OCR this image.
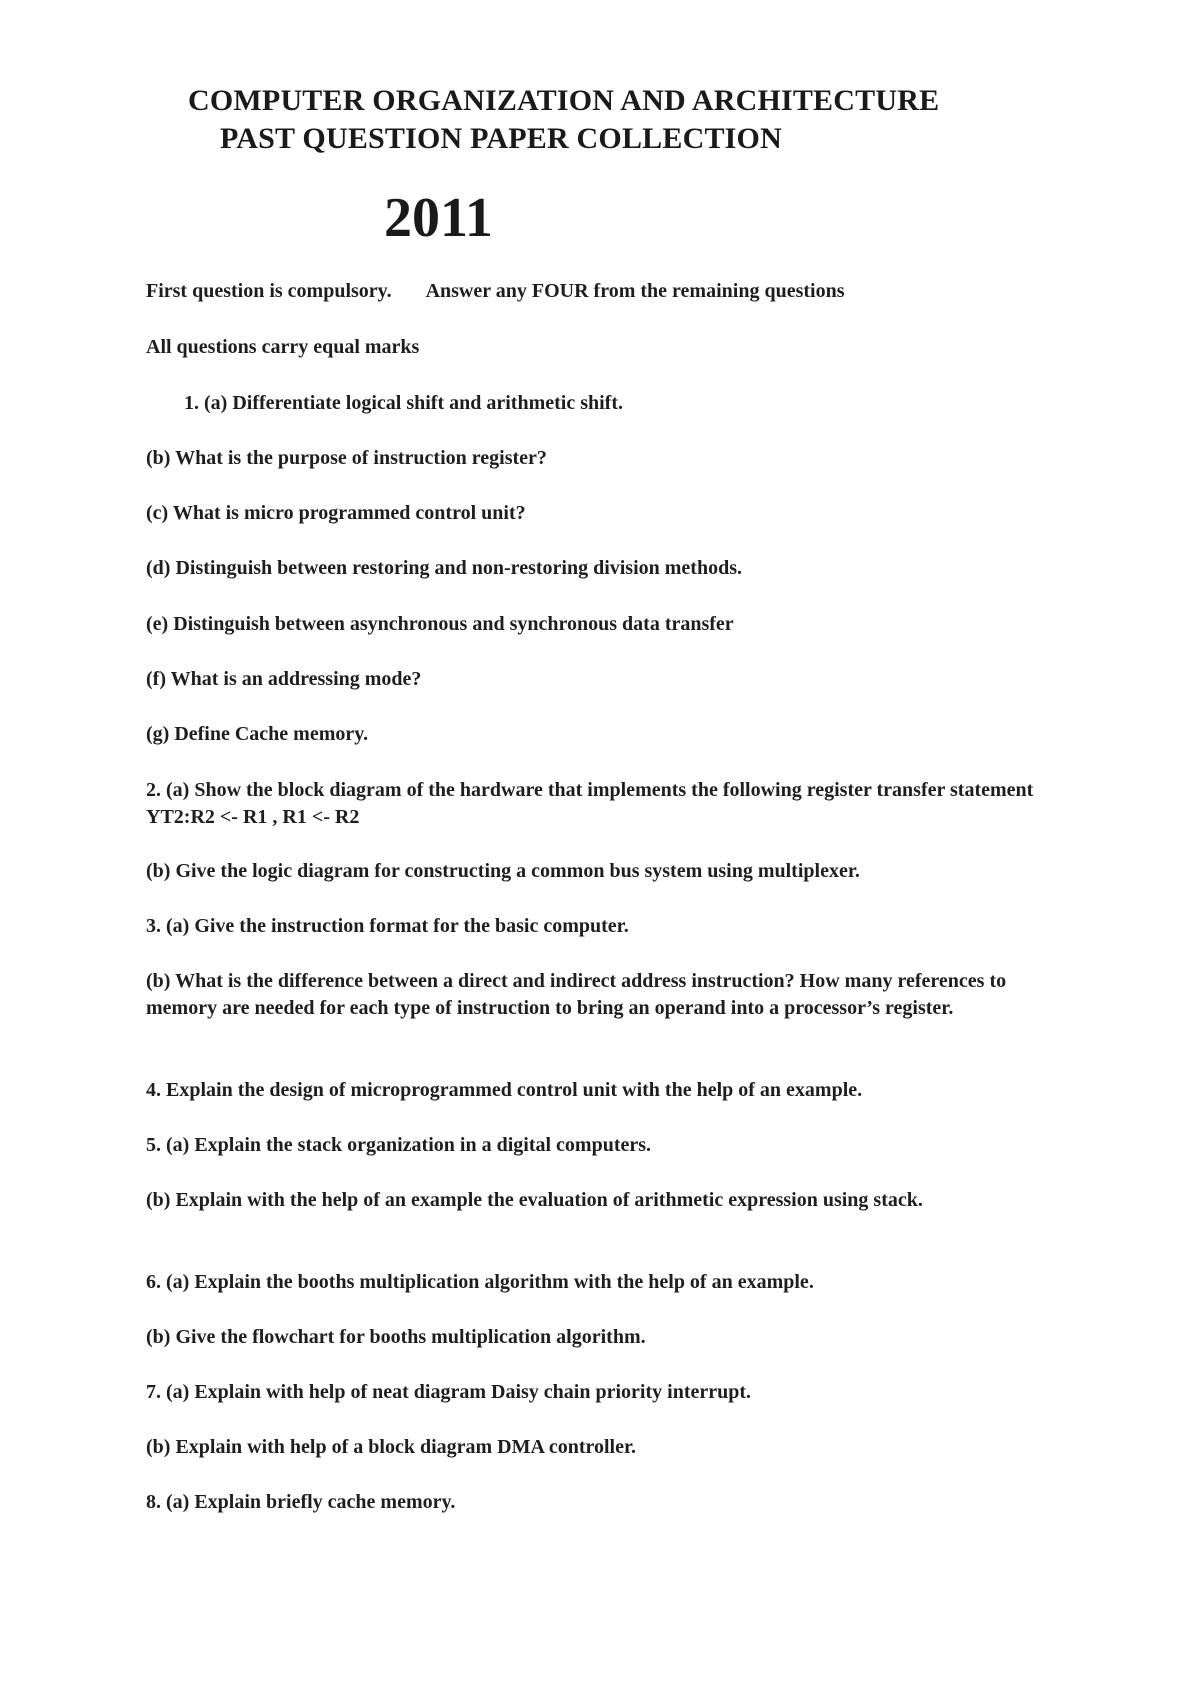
COMPUTER ORGANIZATION AND ARCHITECTURE
PAST QUESTION PAPER COLLECTION
2011
First question is compulsory. Answer any FOUR from the remaining questions
All questions carry equal marks
1. (a) Differentiate logical shift and arithmetic shift.
(b) What is the purpose of instruction register?
(c) What is micro programmed control unit?
(d) Distinguish between restoring and non-restoring division methods.
(e) Distinguish between asynchronous and synchronous data transfer
(f) What is an addressing mode?
(g) Define Cache memory.
2. (a) Show the block diagram of the hardware that implements the following register transfer statement YT2:R2 <- R1 , R1 <- R2
(b) Give the logic diagram for constructing a common bus system using multiplexer.
3. (a) Give the instruction format for the basic computer.
(b) What is the difference between a direct and indirect address instruction? How many references to memory are needed for each type of instruction to bring an operand into a processor’s register.
4. Explain the design of microprogrammed control unit with the help of an example.
5. (a) Explain the stack organization in a digital computers.
(b) Explain with the help of an example the evaluation of arithmetic expression using stack.
6. (a) Explain the booths multiplication algorithm with the help of an example.
(b) Give the flowchart for booths multiplication algorithm.
7. (a) Explain with help of neat diagram Daisy chain priority interrupt.
(b) Explain with help of a block diagram DMA controller.
8. (a) Explain briefly cache memory.
